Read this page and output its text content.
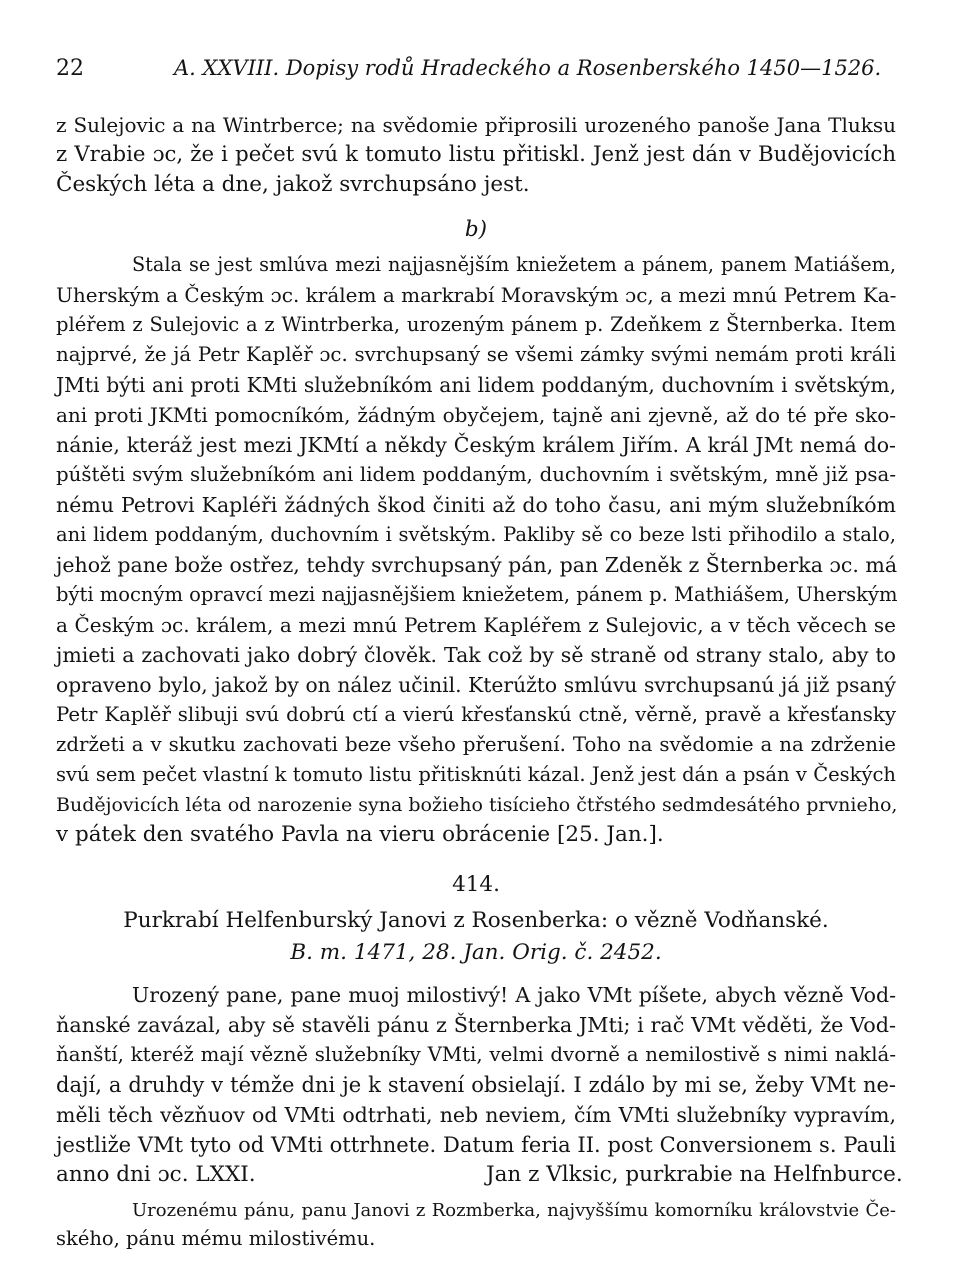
22	A. XXVIII. Dopisy rodů Hradeckého a Rosenberského 1450—1526.
z Sulejovic a na Wintrberce; na svědomie připrosili urozeného panoše Jana Tluksu
z Vrabie ɔc, že i pečet svú k tomuto listu přitiskl. Jenž jest dán v Budějovicích
Českých léta a dne, jakož svrchupsáno jest.
b)
Stala se jest smlúva mezi najjasnějším kniežetem a pánem, panem Matiášem,
Uherským a Českým ɔc. králem a markrabí Moravským ɔc, a mezi mnú Petrem Ka-
pléřem z Sulejovic a z Wintrberka, urozeným pánem p. Zdeňkem z Šternberka. Item
najprvé, že já Petr Kaplěř ɔc. svrchupsaný se všemi zámky svými nemám proti králi
JMti býti ani proti KMti služebníkóm ani lidem poddaným, duchovním i světským,
ani proti JKMti pomocníkóm, žádným obyčejem, tajně ani zjevně, až do té pře sko-
nánie, kteráž jest mezi JKMtí a někdy Českým králem Jiřím. A král JMt nemá do-
púštěti svým služebníkóm ani lidem poddaným, duchovním i světským, mně již psa-
nému Petrovi Kapléři žádných škod činiti až do toho času, ani mým služebníkóm
ani lidem poddaným, duchovním i světským. Pakliby sě co beze lsti přihodilo a stalo,
jehož pane bože ostřez, tehdy svrchupsaný pán, pan Zdeněk z Šternberka ɔc. má
býti mocným opravcí mezi najjasnějšiem kniežetem, pánem p. Mathiášem, Uherským
a Českým ɔc. králem, a mezi mnú Petrem Kapléřem z Sulejovic, a v těch věcech se
jmieti a zachovati jako dobrý člověk. Tak což by sě straně od strany stalo, aby to
opraveno bylo, jakož by on nález učinil. Kterúžto smlúvu svrchupsanú já již psaný
Petr Kaplěř slibuji svú dobrú ctí a vierú křesťanskú ctně, věrně, pravě a křesťansky
zdržeti a v skutku zachovati beze všeho přerušení. Toho na svědomie a na zdrženie
svú sem pečet vlastní k tomuto listu přitisknúti kázal. Jenž jest dán a psán v Českých
Budějovicích léta od narozenie syna božieho tisícieho čtřstého sedmdesátého prvnieho,
v pátek den svatého Pavla na vieru obrácenie [25. Jan.].
414.
Purkrabí Helfenburský Janovi z Rosenberka: o vězně Vodňanské.
B. m. 1471, 28. Jan. Orig. č. 2452.
Urozený pane, pane muoj milostivý! A jako VMt píšete, abych vězně Vod-
ňanské zavázal, aby sě stavěli pánu z Šternberka JMti; i rač VMt věděti, že Vod-
ňanští, kteréž mají vězně služebníky VMti, velmi dvorně a nemilostivě s nimi naklá-
dají, a druhdy v témže dni je k stavení obsielají. I zdálo by mi se, žeby VMt ne-
měli těch vězňuov od VMti odtrhati, neb neviem, čím VMti služebníky vypravím,
jestliže VMt tyto od VMti ottrhnete. Datum feria II. post Conversionem s. Pauli
anno dni ɔc. LXXI.	Jan z Vlksic, purkrabie na Helfnburce.
Urozenému pánu, panu Janovi z Rozmberka, najvyššímu komorníku královstvie Če-
ského, pánu mému milostivému.
